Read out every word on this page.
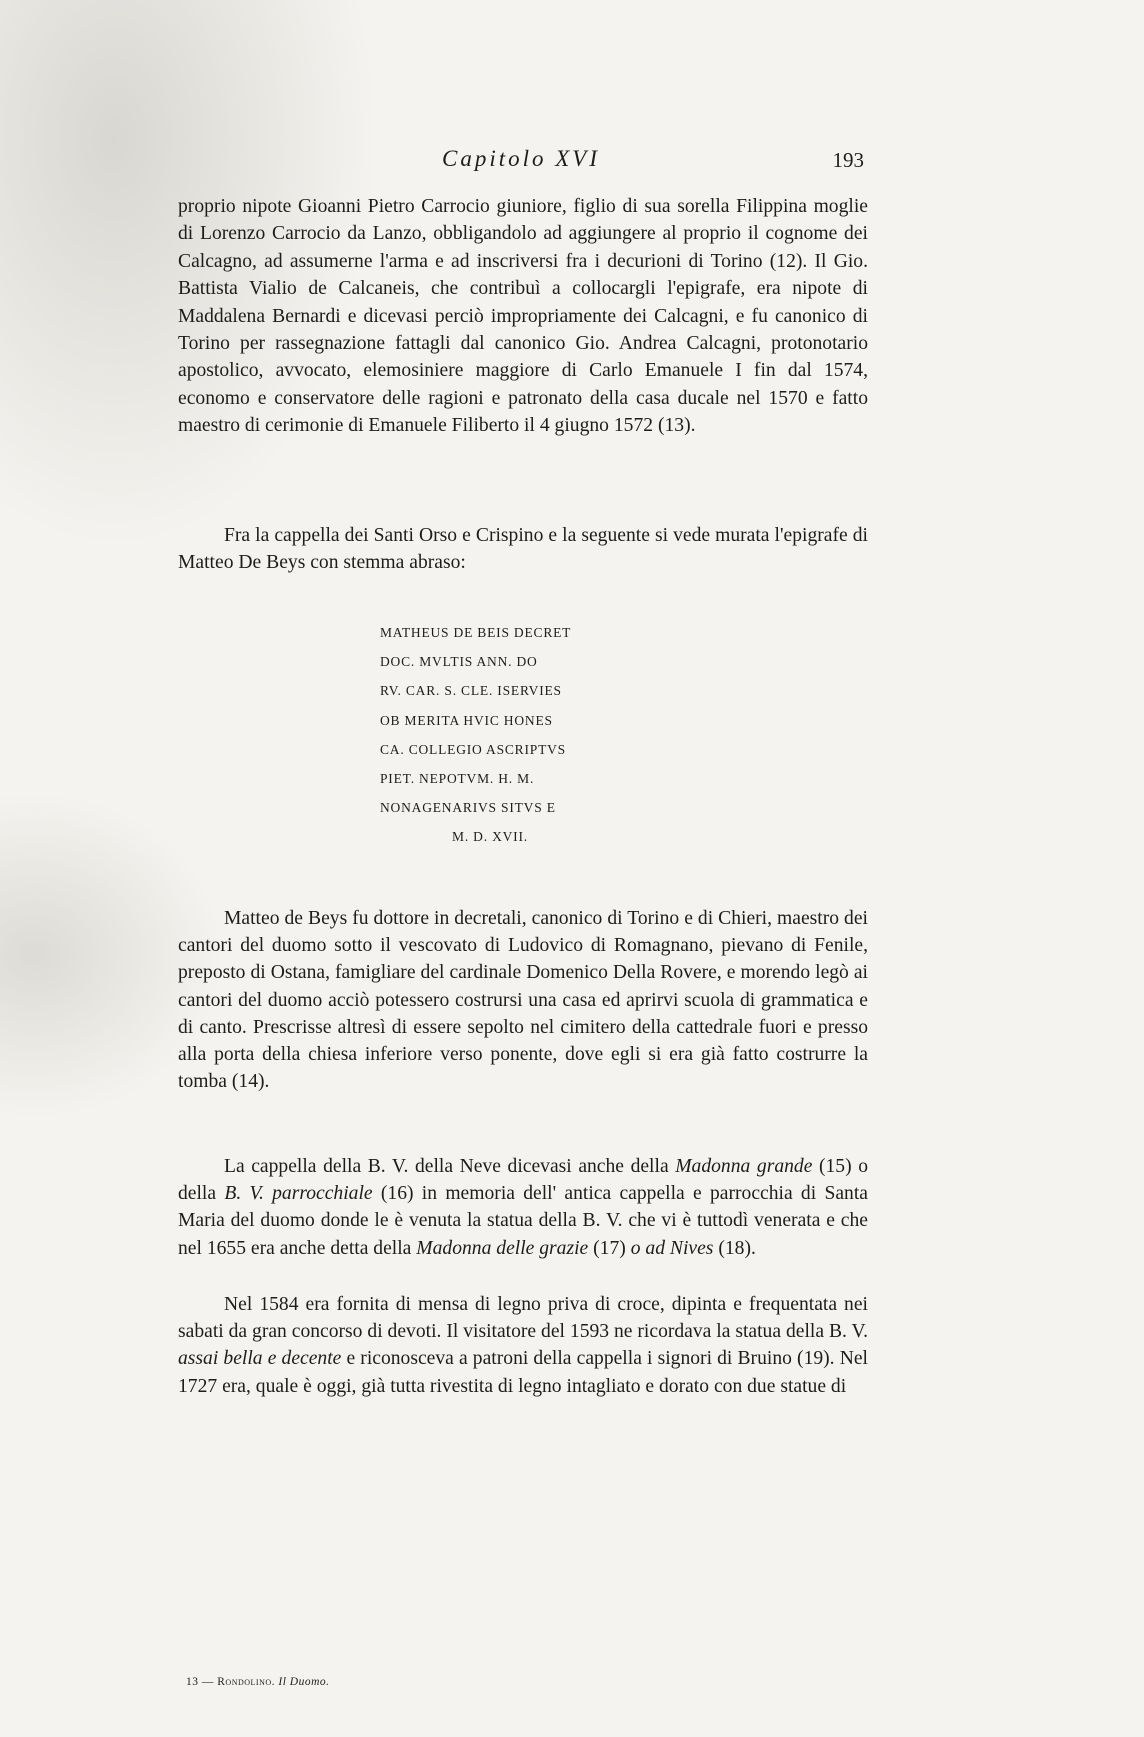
Capitolo XVI	193

proprio nipote Gioanni Pietro Carrocio giuniore, figlio di sua sorella Filippina moglie di Lorenzo Carrocio da Lanzo, obbligandolo ad aggiungere al proprio il cognome dei Calcagno, ad assumerne l'arma e ad inscriversi fra i decurioni di Torino (12). Il Gio. Battista Vialio de Calcaneis, che contribuì a collocargli l'epigrafe, era nipote di Maddalena Bernardi e dicevasi perciò impropriamente dei Calcagni, e fu canonico di Torino per rassegnazione fattagli dal canonico Gio. Andrea Calcagni, protonotario apostolico, avvocato, elemosiniere maggiore di Carlo Emanuele I fin dal 1574, economo e conservatore delle ragioni e patronato della casa ducale nel 1570 e fatto maestro di cerimonie di Emanuele Filiberto il 4 giugno 1572 (13).

Fra la cappella dei Santi Orso e Crispino e la seguente si vede murata l'epigrafe di Matteo De Beys con stemma abraso:

MATHEUS DE BEIS DECRET
DOC. MVLTIS ANN. DO
RV. CAR. S. CLE. ISERVIES
OB MERITA HVIC HONES
CA. COLLEGIO ASCRIPTVS
PIET. NEPOTVM. H. M.
NONAGENARIVS SITVS E
M. D. XVII.

Matteo de Beys fu dottore in decretali, canonico di Torino e di Chieri, maestro dei cantori del duomo sotto il vescovato di Ludovico di Romagnano, pievano di Fenile, preposto di Ostana, famigliare del cardinale Domenico Della Rovere, e morendo legò ai cantori del duomo acciò potessero costrursi una casa ed aprirvi scuola di grammatica e di canto. Prescrisse altresì di essere sepolto nel cimitero della cattedrale fuori e presso alla porta della chiesa inferiore verso ponente, dove egli si era già fatto costrurre la tomba (14).

La cappella della B. V. della Neve dicevasi anche della Madonna grande (15) o della B. V. parrocchiale (16) in memoria dell' antica cappella e parrocchia di Santa Maria del duomo donde le è venuta la statua della B. V. che vi è tuttodì venerata e che nel 1655 era anche detta della Madonna delle grazie (17) o ad Nives (18).

Nel 1584 era fornita di mensa di legno priva di croce, dipinta e frequentata nei sabati da gran concorso di devoti. Il visitatore del 1593 ne ricordava la statua della B. V. assai bella e decente e riconosceva a patroni della cappella i signori di Bruino (19). Nel 1727 era, quale è oggi, già tutta rivestita di legno intagliato e dorato con due statue di

13 — Rondolino. Il Duomo.
